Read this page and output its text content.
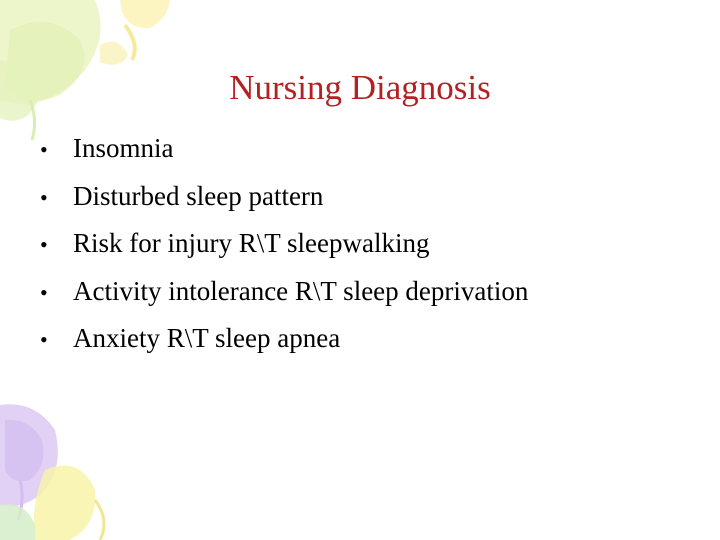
Nursing Diagnosis
• Insomnia
• Disturbed sleep pattern
• Risk for injury R\T sleepwalking
• Activity intolerance R\T sleep deprivation
• Anxiety R\T sleep apnea
